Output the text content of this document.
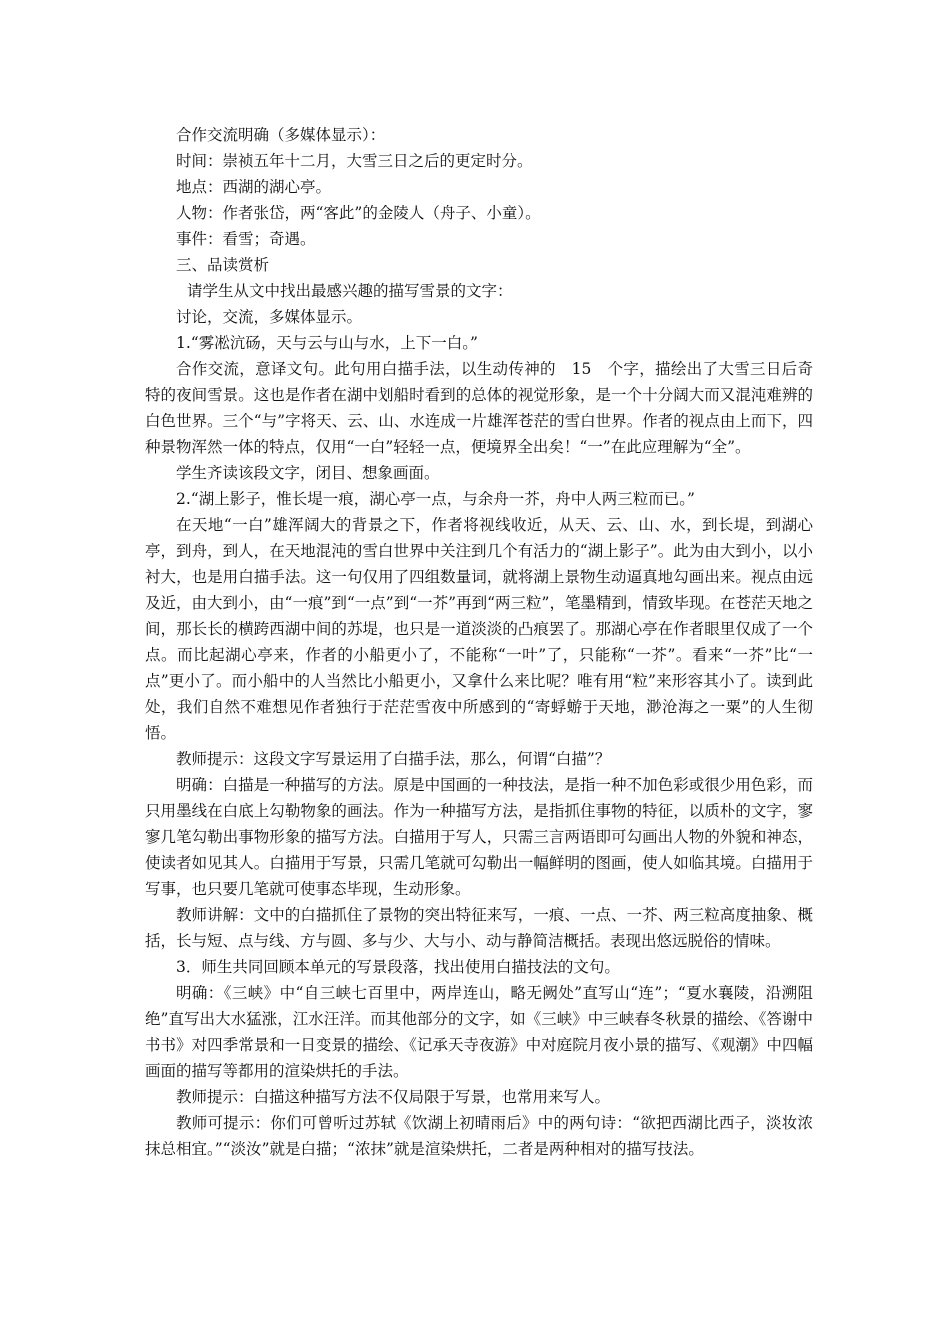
合作交流明确（多媒体显示）：

时间：崇祯五年十二月，大雪三日之后的更定时分。

地点：西湖的湖心亭。

人物：作者张岱，两“客此”的金陵人（舟子、小童）。

事件：看雪；奇遇。

三、品读赏析

请学生从文中找出最感兴趣的描写雪景的文字：

讨论，交流，多媒体显示。

1.“雾凇沆砀，天与云与山与水，上下一白。”

合作交流，意译文句。此句用白描手法，以生动传神的　15　个字，描绘出了大雪三日后奇特的夜间雪景。这也是作者在湖中划船时看到的总体的视觉形象，是一个十分阔大而又混沌难辨的白色世界。三个“与”字将天、云、山、水连成一片雄浑苍茫的雪白世界。作者的视点由上而下，四种景物浑然一体的特点，仅用“一白”轻轻一点，便境界全出矣！“一”在此应理解为“全”。

学生齐读该段文字，闭目、想象画面。

2.“湖上影子，惟长堤一痕，湖心亭一点，与余舟一芥，舟中人两三粒而已。”

在天地“一白”雄浑阔大的背景之下，作者将视线收近，从天、云、山、水，到长堤，到湖心亭，到舟，到人，在天地混沌的雪白世界中关注到几个有活力的“湖上影子”。此为由大到小，以小衬大，也是用白描手法。这一句仅用了四组数量词，就将湖上景物生动逼真地勾画出来。视点由远及近，由大到小，由“一痕”到“一点”到“一芥”再到“两三粒”，笔墨精到，情致毕现。在苍茫天地之间，那长长的横跨西湖中间的苏堤，也只是一道淡淡的凸痕罢了。那湖心亭在作者眼里仅成了一个点。而比起湖心亭来，作者的小船更小了，不能称“一叶”了，只能称“一芥”。看来“一芥”比“一点”更小了。而小船中的人当然比小船更小，又拿什么来比呢？唯有用“粒”来形容其小了。读到此处，我们自然不难想见作者独行于茫茫雪夜中所感到的“寄蜉蝣于天地，渺沧海之一粟”的人生彻悟。

教师提示：这段文字写景运用了白描手法，那么，何谓“白描”？

明确：白描是一种描写的方法。原是中国画的一种技法，是指一种不加色彩或很少用色彩，而只用墨线在白底上勾勒物象的画法。作为一种描写方法，是指抓住事物的特征，以质朴的文字，寥寥几笔勾勒出事物形象的描写方法。白描用于写人，只需三言两语即可勾画出人物的外貌和神态，使读者如见其人。白描用于写景，只需几笔就可勾勒出一幅鲜明的图画，使人如临其境。白描用于写事，也只要几笔就可使事态毕现，生动形象。

教师讲解：文中的白描抓住了景物的突出特征来写，一痕、一点、一芥、两三粒高度抽象、概括，长与短、点与线、方与圆、多与少、大与小、动与静简洁概括。表现出悠远脱俗的情味。

3．师生共同回顾本单元的写景段落，找出使用白描技法的文句。

明确：《三峡》中“自三峡七百里中，两岸连山，略无阙处”直写山“连”；“夏水襄陵，沿溯阻绝”直写出大水猛涨，江水汪洋。而其他部分的文字，如《三峡》中三峡春冬秋景的描绘、《答谢中书书》对四季常景和一日变景的描绘、《记承天寺夜游》中对庭院月夜小景的描写、《观潮》中四幅画面的描写等都用的渲染烘托的手法。

教师提示：白描这种描写方法不仅局限于写景，也常用来写人。

教师可提示：你们可曾听过苏轼《饮湖上初晴雨后》中的两句诗：“欲把西湖比西子，淡妆浓抹总相宜。”“淡汝”就是白描；“浓抹”就是渲染烘托，二者是两种相对的描写技法。
